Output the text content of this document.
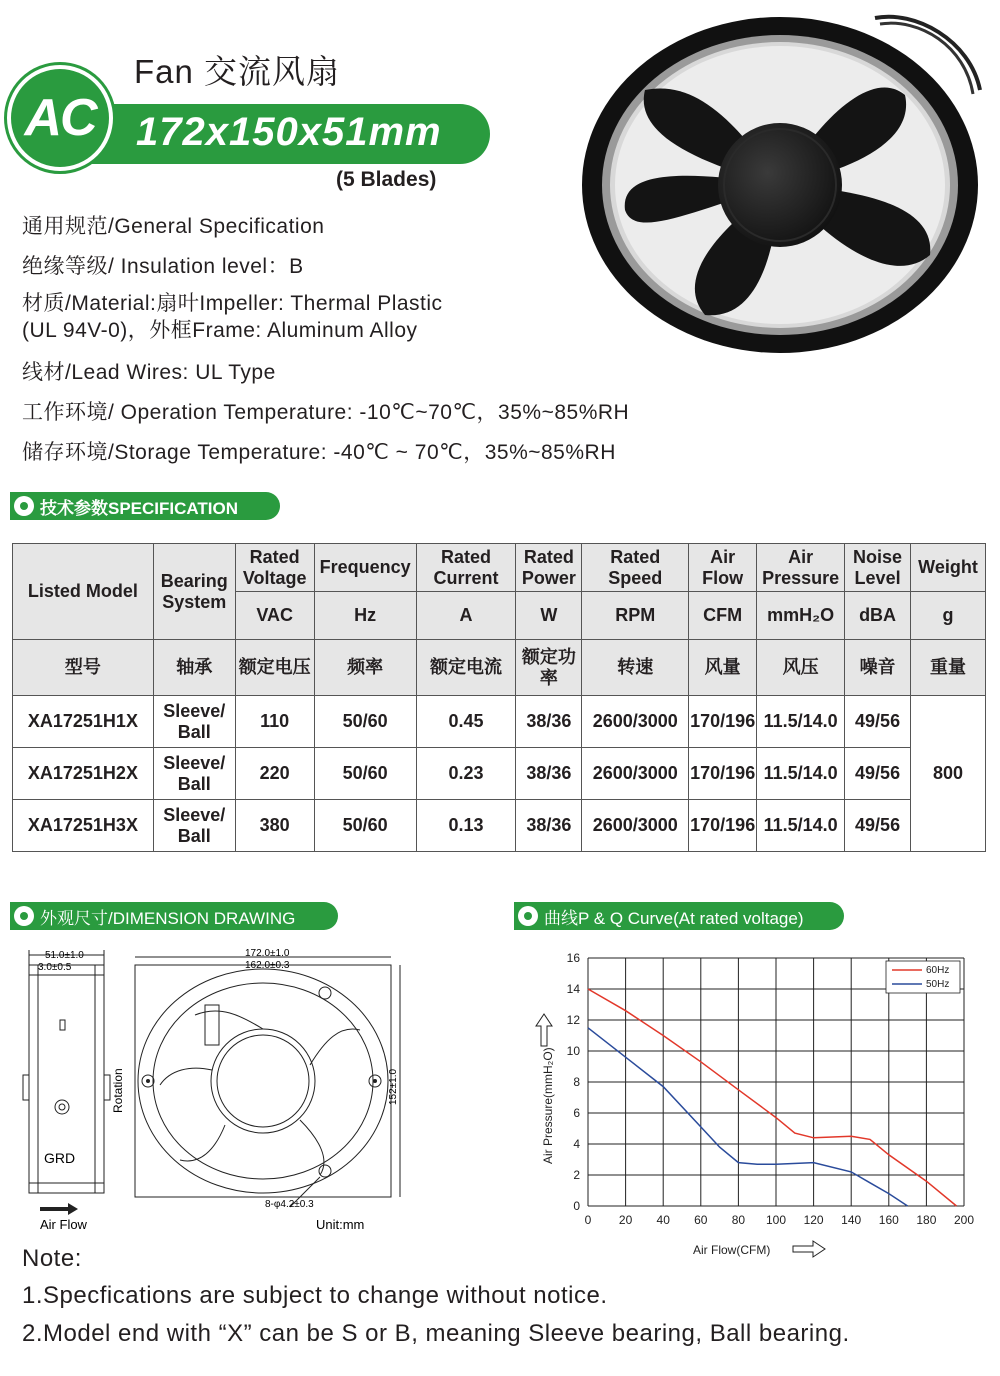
AC
Fan 交流风扇
172x150x51mm
(5 Blades)
通用规范/General Specification
绝缘等级/ Insulation level：B
材质/Material:扇叶Impeller: Thermal Plastic
(UL 94V-0)，外框Frame: Aluminum Alloy
线材/Lead Wires: UL Type
工作环境/ Operation Temperature: -10℃~70℃，35%~85%RH
储存环境/Storage Temperature: -40℃ ~ 70℃，35%~85%RH
技术参数SPECIFICATION
Listed Model	Bearing System	Rated Voltage	Frequency	Rated Current	Rated Power	Rated Speed	Air Flow	Air Pressure	Noise Level	Weight
		VAC	Hz	A	W	RPM	CFM	mmH₂O	dBA	g
型号	轴承	额定电压	频率	额定电流	额定功率	转速	风量	风压	噪音	重量
XA17251H1X	Sleeve/ Ball	110	50/60	0.45	38/36	2600/3000	170/196	11.5/14.0	49/56	800
XA17251H2X	Sleeve/ Ball	220	50/60	0.23	38/36	2600/3000	170/196	11.5/14.0	49/56	
XA17251H3X	Sleeve/ Ball	380	50/60	0.13	38/36	2600/3000	170/196	11.5/14.0	49/56	
外观尺寸/DIMENSION DRAWING	曲线P & Q Curve(At rated voltage)
51.0±1.0
3.0±0.5
172.0±1.0
162.0±0.3
152±1.0
8-φ4.2±0.3
Rotation
GRD
Air Flow	Unit:mm	0 20 40 60 80 100 120 140 160 180 200
0
2
4
6
8
10
12
14
16
Air Flow(CFM)
Air Pressure(mmH₂O)
60Hz
50Hz
Note:
1.Specfications are subject to change without notice.
2.Model end with “X” can be S or B, meaning Sleeve bearing, Ball bearing.
